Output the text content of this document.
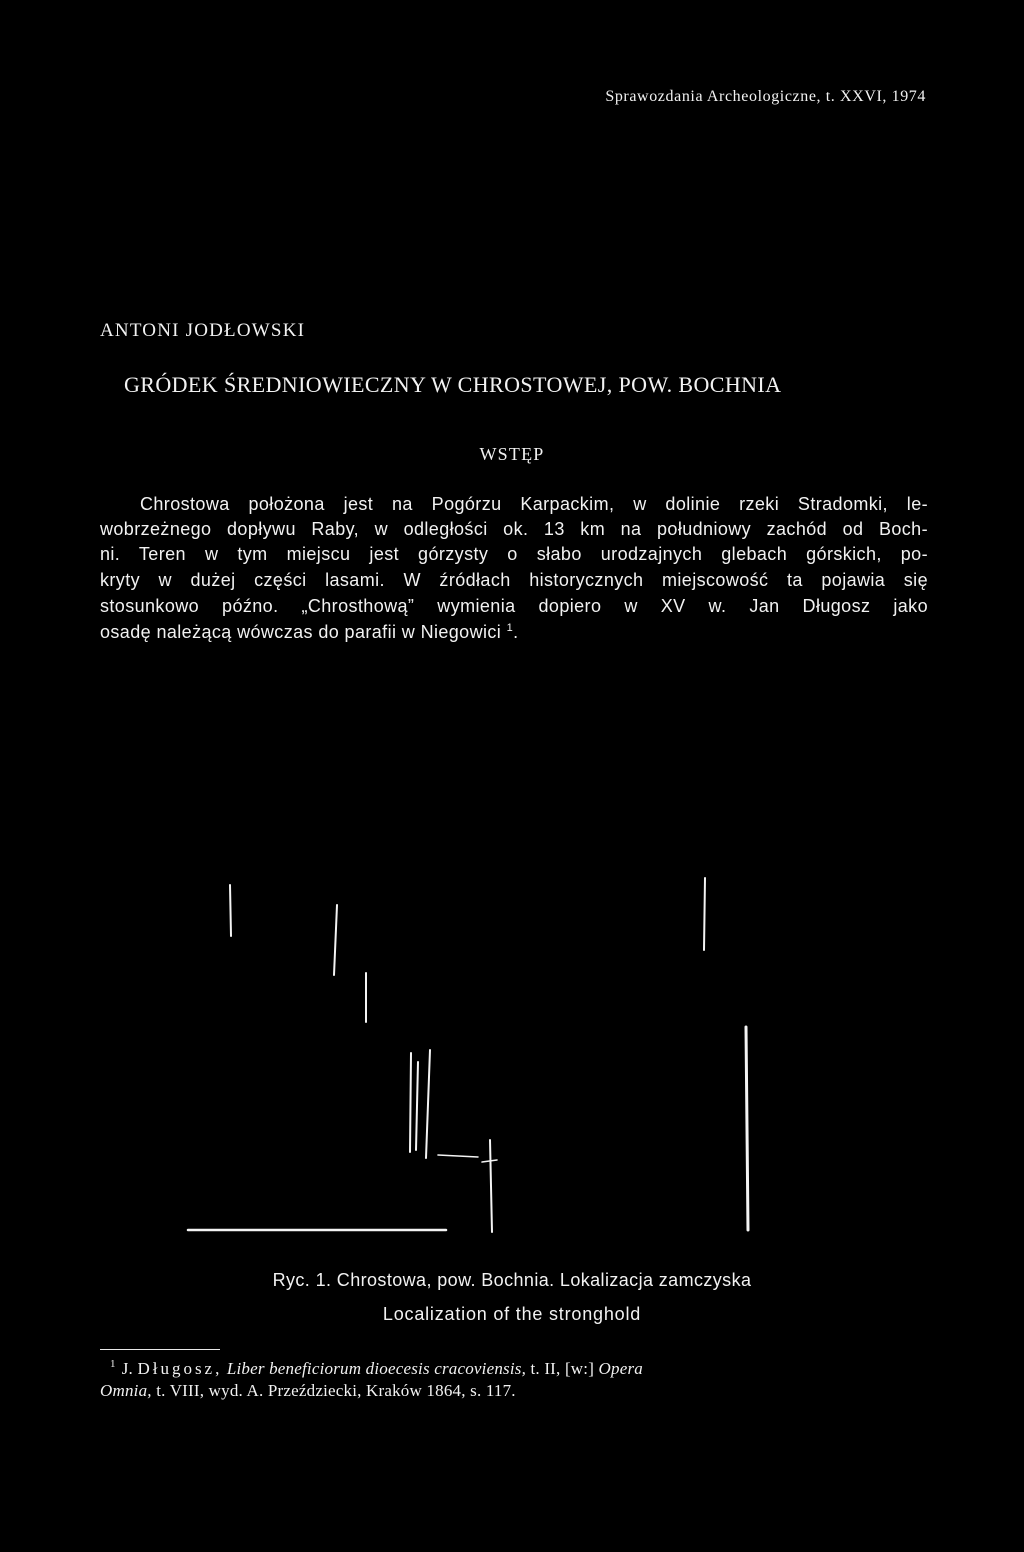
Sprawozdania Archeologiczne, t. XXVI, 1974
ANTONI JODŁOWSKI
GRÓDEK ŚREDNIOWIECZNY W CHROSTOWEJ, POW. BOCHNIA
WSTĘP
Chrostowa położona jest na Pogórzu Karpackim, w dolinie rzeki Stradomki, le-
wobrzeżnego dopływu Raby, w odległości ok. 13 km na południowy zachód od Boch-
ni. Teren w tym miejscu jest górzysty o słabo urodzajnych glebach górskich, po-
kryty w dużej części lasami. W źródłach historycznych miejscowość ta pojawia się
stosunkowo późno. „Chrosthową” wymienia dopiero w XV w. Jan Długosz jako
osadę należącą wówczas do parafii w Niegowici $^1$.
Ryc. 1. Chrostowa, pow. Bochnia. Lokalizacja zamczyska
Localization of the stronghold
$^1$ J. Długosz, Liber beneficiorum dioecesis cracoviensis, t. II, [w:] Opera
Omnia, t. VIII, wyd. A. Przeździecki, Kraków 1864, s. 117.
